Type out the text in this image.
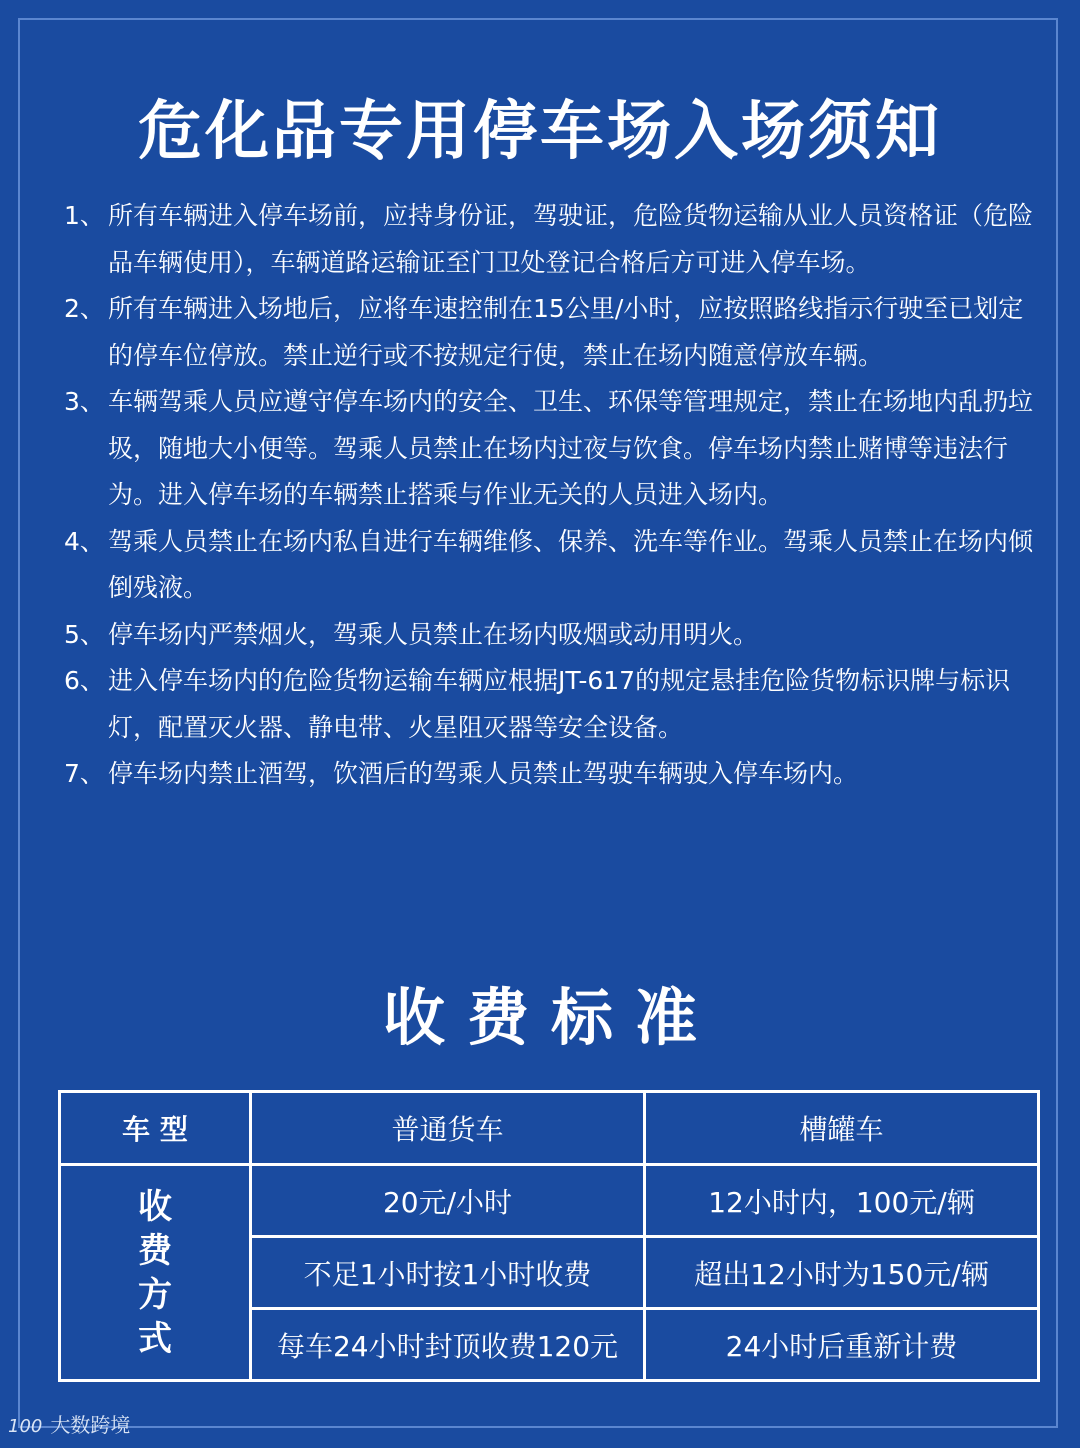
危化品专用停车场入场须知
1、 所有车辆进入停车场前，应持身份证，驾驶证，危险货物运输从业人员资格证（危险品车辆使用），车辆道路运输证至门卫处登记合格后方可进入停车场。
2、 所有车辆进入场地后，应将车速控制在15公里/小时，应按照路线指示行驶至已划定的停车位停放。禁止逆行或不按规定行使，禁止在场内随意停放车辆。
3、 车辆驾乘人员应遵守停车场内的安全、卫生、环保等管理规定，禁止在场地内乱扔垃圾，随地大小便等。驾乘人员禁止在场内过夜与饮食。停车场内禁止赌博等违法行为。进入停车场的车辆禁止搭乘与作业无关的人员进入场内。
4、 驾乘人员禁止在场内私自进行车辆维修、保养、洗车等作业。驾乘人员禁止在场内倾倒残液。
5、 停车场内严禁烟火，驾乘人员禁止在场内吸烟或动用明火。
6、 进入停车场内的危险货物运输车辆应根据JT-617的规定悬挂危险货物标识牌与标识灯，配置灭火器、静电带、火星阻灭器等安全设备。
7、 停车场内禁止酒驾，饮酒后的驾乘人员禁止驾驶车辆驶入停车场内。
收费标准
车 型	普通货车	槽罐车

收
费
方
式	20元/小时	12小时内，100元/辆
	不足1小时按1小时收费	超出12小时为150元/辆
	每车24小时封顶收费120元	24小时后重新计费
100 大数跨境
